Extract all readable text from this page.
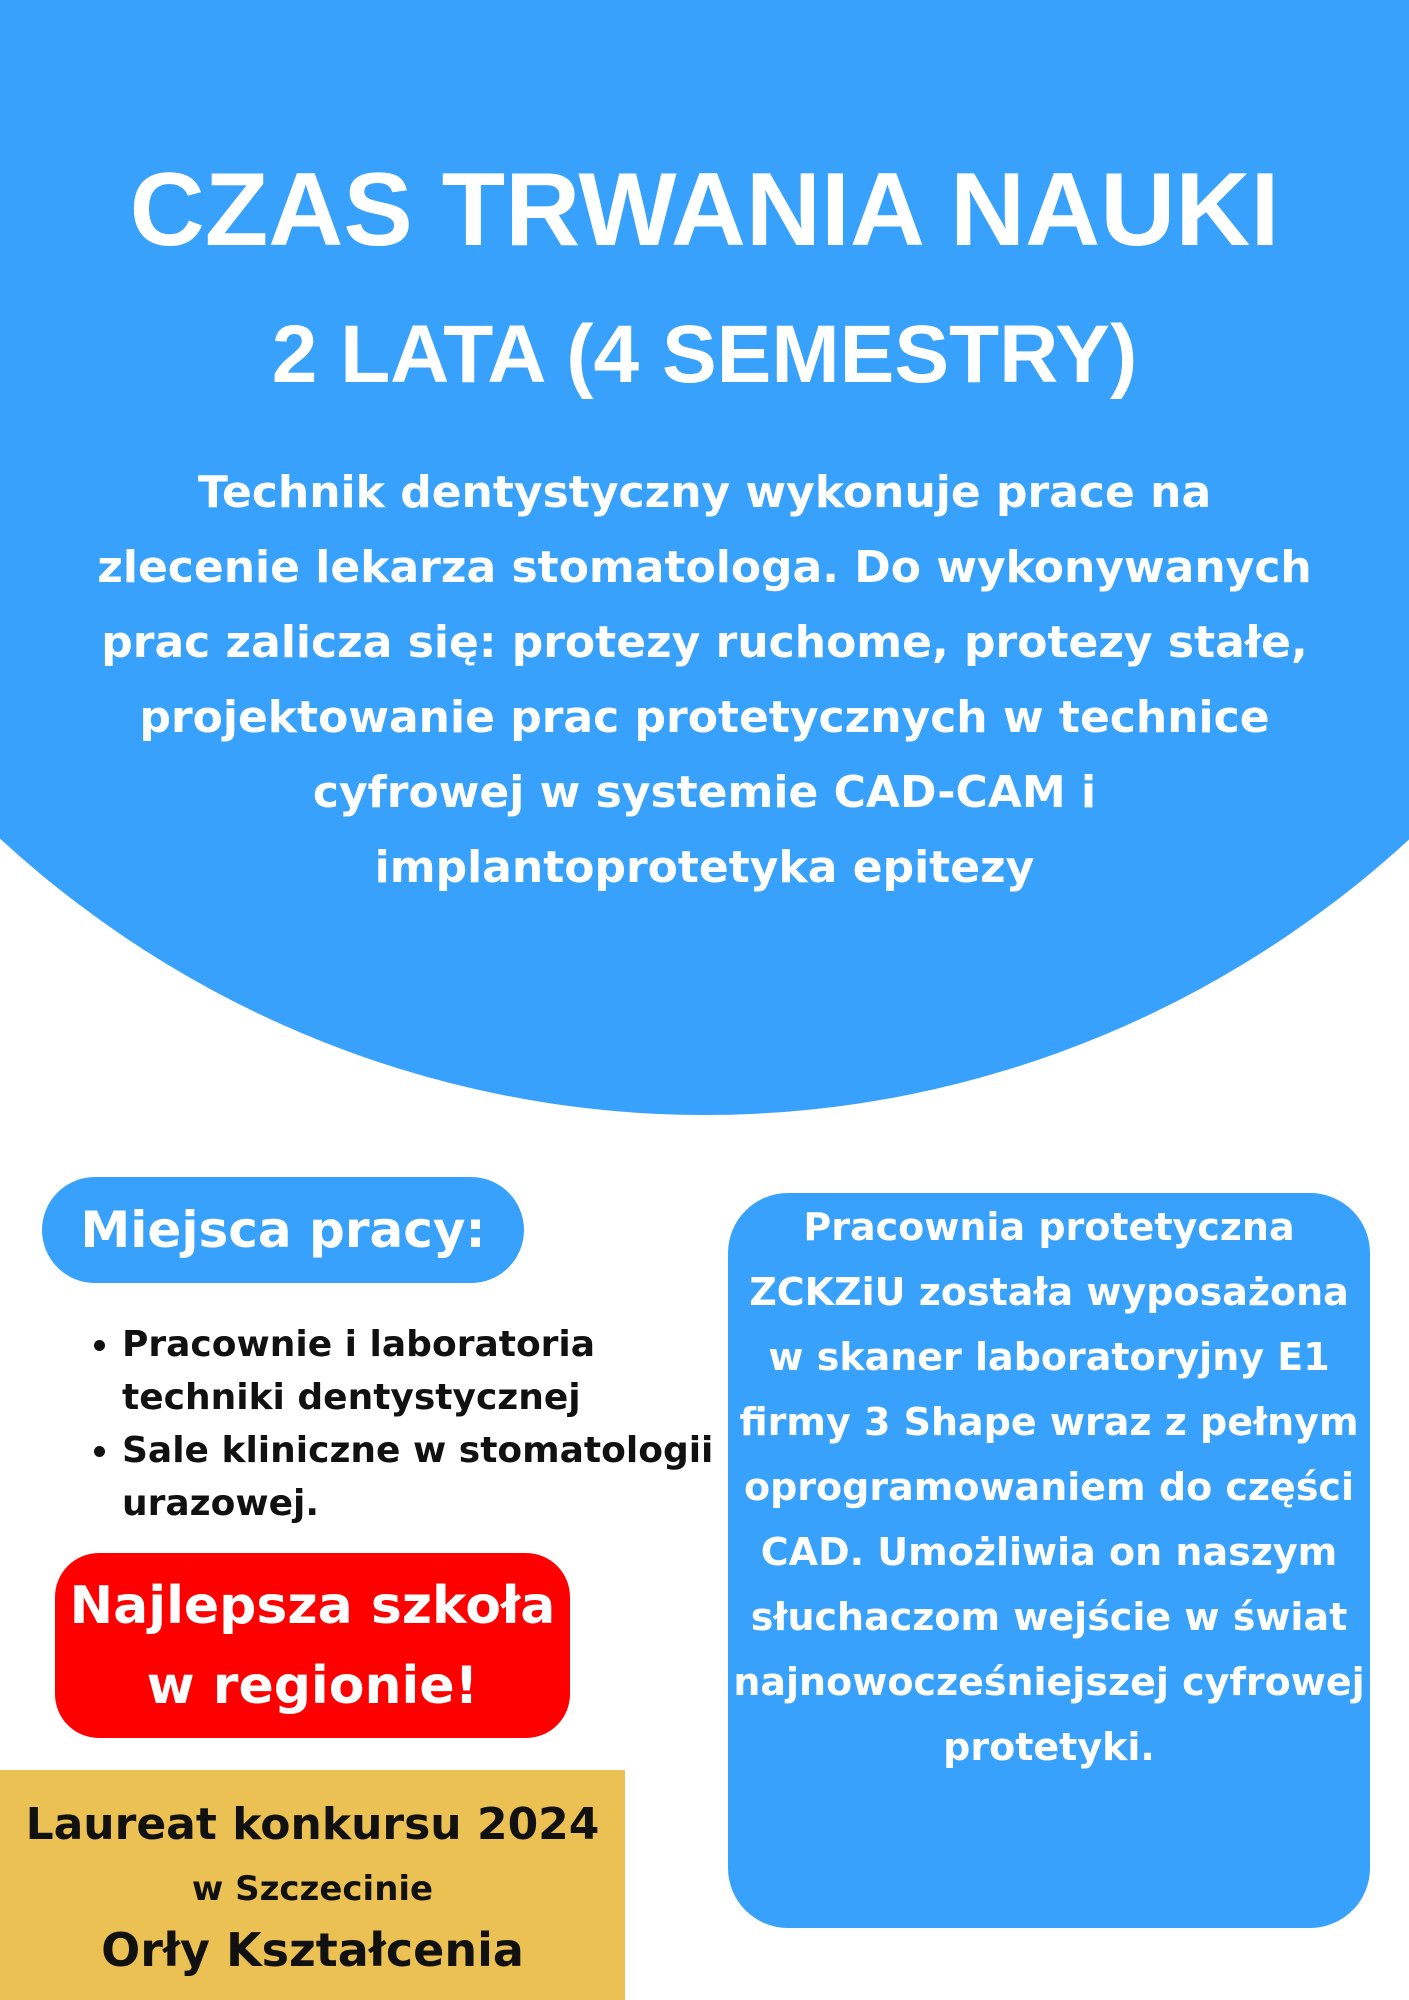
CZAS TRWANIA NAUKI
2 LATA (4 SEMESTRY)

Technik dentystyczny wykonuje prace na zlecenie lekarza stomatologa. Do wykonywanych prac zalicza się: protezy ruchome, protezy stałe, projektowanie prac protetycznych w technice cyfrowej w systemie CAD-CAM i implantoprotetyka epitezy

Miejsca pracy:
• Pracownie i laboratoria techniki dentystycznej
• Sale kliniczne w stomatologii urazowej.
Najlepsza szkoła
w regionie!
Laureat konkursu 2024
w Szczecinie
Orły Kształcenia

Pracownia protetyczna ZCKZiU została wyposażona w skaner laboratoryjny E1 firmy 3 Shape wraz z pełnym oprogramowaniem do części CAD. Umożliwia on naszym słuchaczom wejście w świat najnowocześniejszej cyfrowej protetyki.
